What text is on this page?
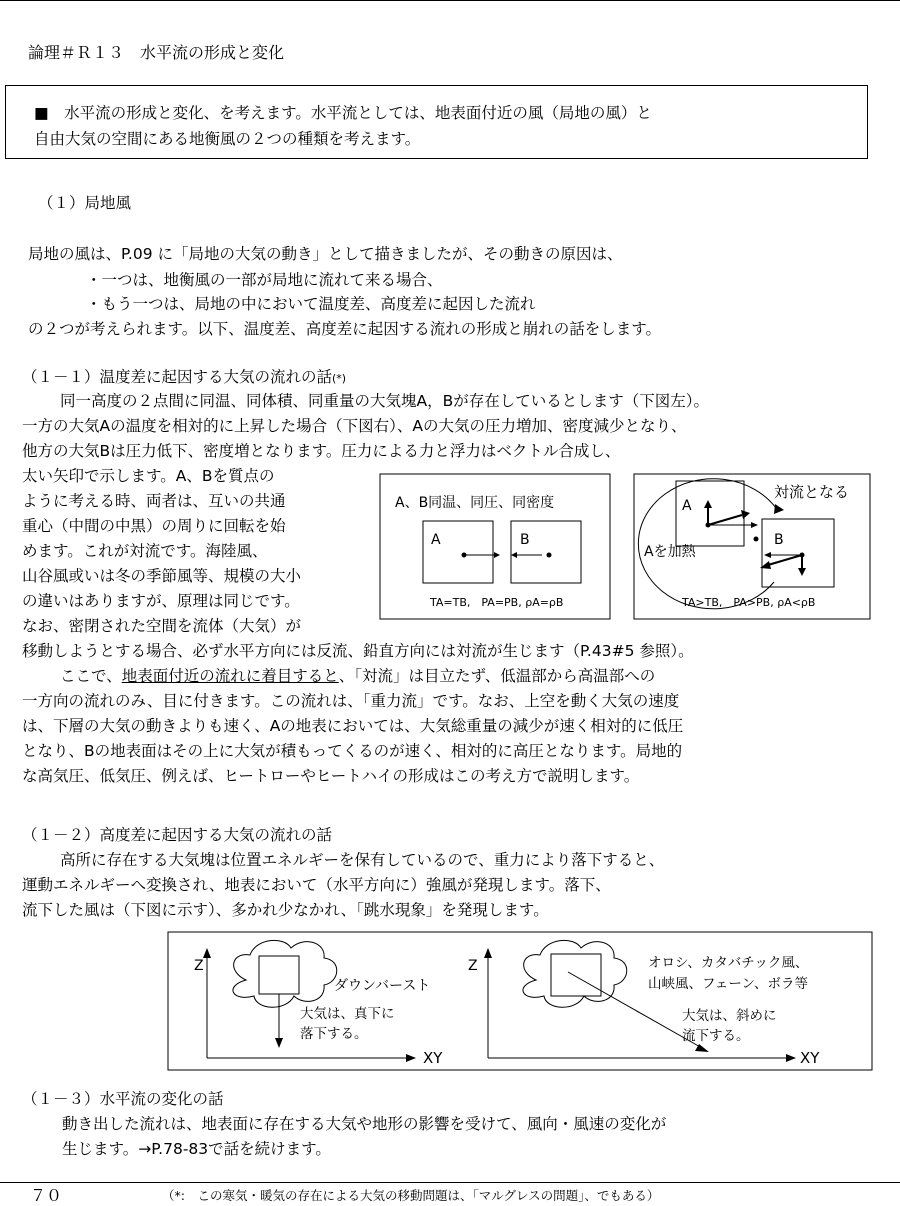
論理＃Ｒ１３　水平流の形成と変化
■　水平流の形成と変化、を考えます。水平流としては、地表面付近の風（局地の風）と
自由大気の空間にある地衡風の２つの種類を考えます。
（１）局地風
局地の風は、P.09 に「局地の大気の動き」として描きましたが、その動きの原因は、
・一つは、地衡風の一部が局地に流れて来る場合、
・もう一つは、局地の中において温度差、高度差に起因した流れ
の２つが考えられます。以下、温度差、高度差に起因する流れの形成と崩れの話をします。
（１－１）温度差に起因する大気の流れの話(*)
同一高度の２点間に同温、同体積、同重量の大気塊A，Bが存在しているとします（下図左）。
一方の大気Aの温度を相対的に上昇した場合（下図右）、Aの大気の圧力増加、密度減少となり、
他方の大気Bは圧力低下、密度増となります。圧力による力と浮力はベクトル合成し、
太い矢印で示します。A、Bを質点の
ように考える時、両者は、互いの共通
重心（中間の中黒）の周りに回転を始
めます。これが対流です。海陸風、
山谷風或いは冬の季節風等、規模の大小
の違いはありますが、原理は同じです。
なお、密閉された空間を流体（大気）が
A、B同温、同圧、同密度
A	B
TA=TB,　PA=PB, ρA=ρB
A
B
対流となる
Aを加熱
TA>TB,　PA>PB, ρA<ρB
移動しようとする場合、必ず水平方向には反流、鉛直方向には対流が生じます（P.43#5 参照）。
ここで、地表面付近の流れに着目すると、「対流」は目立たず、低温部から高温部への
一方向の流れのみ、目に付きます。この流れは、「重力流」です。なお、上空を動く大気の速度
は、下層の大気の動きよりも速く、Aの地表においては、大気総重量の減少が速く相対的に低圧
となり、Bの地表面はその上に大気が積もってくるのが速く、相対的に高圧となります。局地的
な高気圧、低気圧、例えば、ヒートローやヒートハイの形成はこの考え方で説明します。
（１－２）高度差に起因する大気の流れの話
高所に存在する大気塊は位置エネルギーを保有しているので、重力により落下すると、
運動エネルギーへ変換され、地表において（水平方向に）強風が発現します。落下、
流下した風は（下図に示す）、多かれ少なかれ、「跳水現象」を発現します。
Z
XY
ダウンバースト
大気は、真下に
落下する。
Z
XY
オロシ、カタバチック風、
山峡風、フェーン、ボラ等
大気は、斜めに
流下する。
（１－３）水平流の変化の話
動き出した流れは、地表面に存在する大気や地形の影響を受けて、風向・風速の変化が
生じます。→P.78-83で話を続けます。
７０	（*:　この寒気・暖気の存在による大気の移動問題は、「マルグレスの問題」、でもある）
